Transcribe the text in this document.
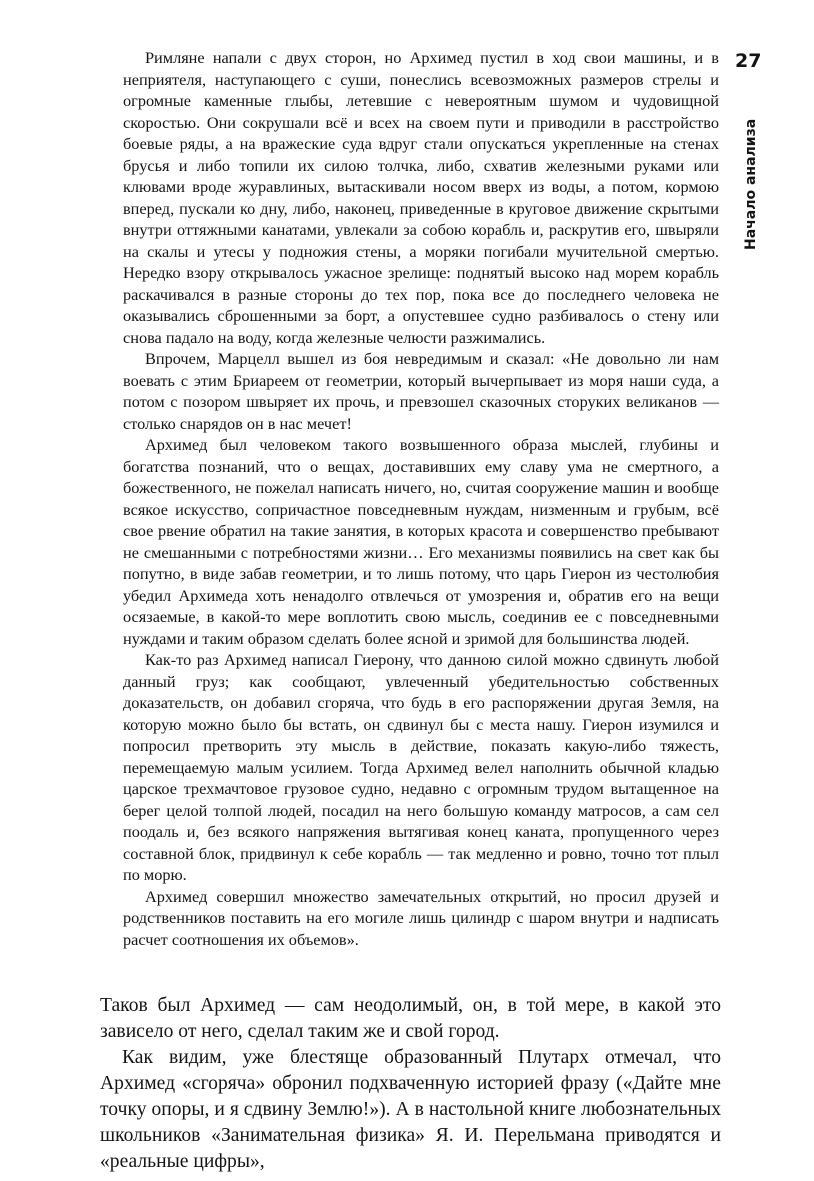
27
Начало анализа

Римляне напали с двух сторон, но Архимед пустил в ход свои машины, и в неприятеля, наступающего с суши, понеслись всевозможных размеров стрелы и огромные каменные глыбы, летевшие с невероятным шумом и чудовищной скоростью. Они сокрушали всё и всех на своем пути и приводили в расстройство боевые ряды, а на вражеские суда вдруг стали опускаться укрепленные на стенах брусья и либо топили их силою толчка, либо, схватив железными руками или клювами вроде журавлиных, вытаскивали носом вверх из воды, а потом, кормою вперед, пускали ко дну, либо, наконец, приведенные в круговое движение скрытыми внутри оттяжными канатами, увлекали за собою корабль и, раскрутив его, швыряли на скалы и утесы у подножия стены, а моряки погибали мучительной смертью. Нередко взору открывалось ужасное зрелище: поднятый высоко над морем корабль раскачивался в разные стороны до тех пор, пока все до последнего человека не оказывались сброшенными за борт, а опустевшее судно разбивалось о стену или снова падало на воду, когда железные челюсти разжимались.

Впрочем, Марцелл вышел из боя невредимым и сказал: «Не довольно ли нам воевать с этим Бриареем от геометрии, который вычерпывает из моря наши суда, а потом с позором швыряет их прочь, и превзошел сказочных сторуких великанов — столько снарядов он в нас мечет!

Архимед был человеком такого возвышенного образа мыслей, глубины и богатства познаний, что о вещах, доставивших ему славу ума не смертного, а божественного, не пожелал написать ничего, но, считая сооружение машин и вообще всякое искусство, сопричастное повседневным нуждам, низменным и грубым, всё свое рвение обратил на такие занятия, в которых красота и совершенство пребывают не смешанными с потребностями жизни… Его механизмы появились на свет как бы попутно, в виде забав геометрии, и то лишь потому, что царь Гиерон из честолюбия убедил Архимеда хоть ненадолго отвлечься от умозрения и, обратив его на вещи осязаемые, в какой-то мере воплотить свою мысль, соединив ее с повседневными нуждами и таким образом сделать более ясной и зримой для большинства людей.

Как-то раз Архимед написал Гиерону, что данною силой можно сдвинуть любой данный груз; как сообщают, увлеченный убедительностью собственных доказательств, он добавил сгоряча, что будь в его распоряжении другая Земля, на которую можно было бы встать, он сдвинул бы с места нашу. Гиерон изумился и попросил претворить эту мысль в действие, показать какую-либо тяжесть, перемещаемую малым усилием. Тогда Архимед велел наполнить обычной кладью царское трехмачтовое грузовое судно, недавно с огромным трудом вытащенное на берег целой толпой людей, посадил на него большую команду матросов, а сам сел поодаль и, без всякого напряжения вытягивая конец каната, пропущенного через составной блок, придвинул к себе корабль — так медленно и ровно, точно тот плыл по морю.

Архимед совершил множество замечательных открытий, но просил друзей и родственников поставить на его могиле лишь цилиндр с шаром внутри и надписать расчет соотношения их объемов».

Таков был Архимед — сам неодолимый, он, в той мере, в какой это зависело от него, сделал таким же и свой город.

Как видим, уже блестяще образованный Плутарх отмечал, что Архимед «сгоряча» обронил подхваченную историей фразу («Дайте мне точку опоры, и я сдвину Землю!»). А в настольной книге любознательных школьников «Занимательная физика» Я. И. Перельмана приводятся и «реальные цифры»,
